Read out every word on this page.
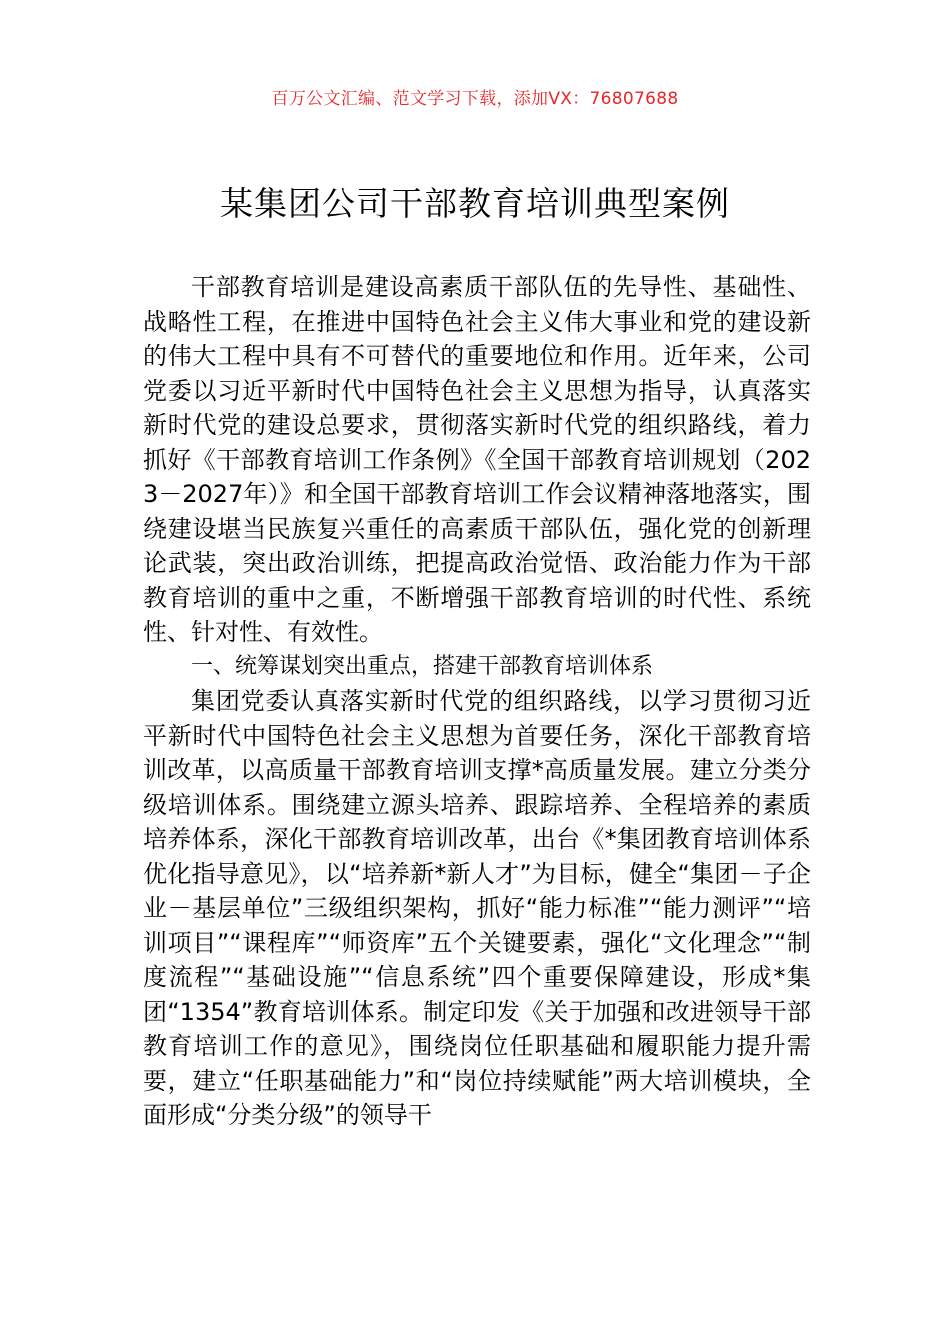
百万公文汇编、范文学习下载，添加VX：76807688
某集团公司干部教育培训典型案例

干部教育培训是建设高素质干部队伍的先导性、基础性、战略性工程，在推进中国特色社会主义伟大事业和党的建设新的伟大工程中具有不可替代的重要地位和作用。近年来，公司党委以习近平新时代中国特色社会主义思想为指导，认真落实新时代党的建设总要求，贯彻落实新时代党的组织路线，着力抓好《干部教育培训工作条例》《全国干部教育培训规划（2023－2027年）》和全国干部教育培训工作会议精神落地落实，围绕建设堪当民族复兴重任的高素质干部队伍，强化党的创新理论武装，突出政治训练，把提高政治觉悟、政治能力作为干部教育培训的重中之重，不断增强干部教育培训的时代性、系统性、针对性、有效性。

一、统筹谋划突出重点，搭建干部教育培训体系

集团党委认真落实新时代党的组织路线，以学习贯彻习近平新时代中国特色社会主义思想为首要任务，深化干部教育培训改革，以高质量干部教育培训支撑*高质量发展。建立分类分级培训体系。围绕建立源头培养、跟踪培养、全程培养的素质培养体系，深化干部教育培训改革，出台《*集团教育培训体系优化指导意见》，以“培养新*新人才”为目标，健全“集团－子企业－基层单位”三级组织架构，抓好“能力标准”“能力测评”“培训项目”“课程库”“师资库”五个关键要素，强化“文化理念”“制度流程”“基础设施”“信息系统”四个重要保障建设，形成*集团“1354”教育培训体系。制定印发《关于加强和改进领导干部教育培训工作的意见》，围绕岗位任职基础和履职能力提升需要，建立“任职基础能力”和“岗位持续赋能”两大培训模块，全面形成“分类分级”的领导干
